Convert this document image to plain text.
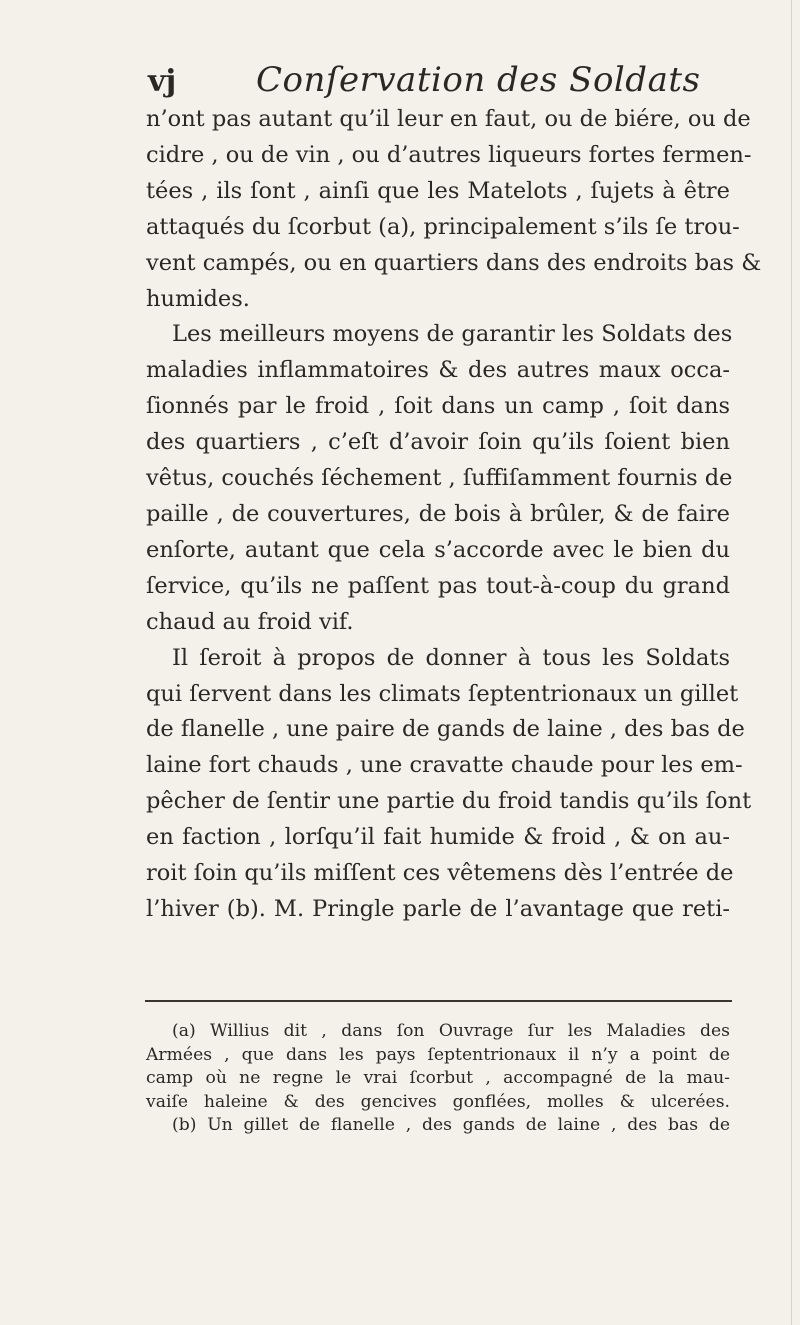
vj Conſervation des Soldats

n’ont pas autant qu’il leur en faut, ou de biére, ou de
cidre , ou de vin , ou d’autres liqueurs fortes fermen-
tées , ils ſont , ainſi que les Matelots , ſujets à être
attaqués du ſcorbut (a), principalement s’ils ſe trou-
vent campés, ou en quartiers dans des endroits bas &
humides.

Les meilleurs moyens de garantir les Soldats des
maladies inflammatoires & des autres maux occa-
ſionnés par le froid , ſoit dans un camp , ſoit dans
des quartiers , c’eſt d’avoir ſoin qu’ils ſoient bien
vêtus, couchés ſéchement , ſuffiſamment fournis de
paille , de couvertures, de bois à brûler, & de faire
enſorte, autant que cela s’accorde avec le bien du
ſervice, qu’ils ne paſſent pas tout-à-coup du grand
chaud au froid vif.

Il ſeroit à propos de donner à tous les Soldats
qui ſervent dans les climats ſeptentrionaux un gillet
de flanelle , une paire de gands de laine , des bas de
laine fort chauds , une cravatte chaude pour les em-
pêcher de ſentir une partie du froid tandis qu’ils ſont
en faction , lorſqu’il fait humide & froid , & on au-
roit ſoin qu’ils miſſent ces vêtemens dès l’entrée de
l’hiver (b). M. Pringle parle de l’avantage que reti-

(a) Willius dit , dans ſon Ouvrage ſur les Maladies des
Armées , que dans les pays ſeptentrionaux il n’y a point de
camp où ne regne le vrai ſcorbut , accompagné de la mau-
vaiſe haleine & des gencives gonflées, molles & ulcerées.
(b) Un gillet de flanelle , des gands de laine , des bas de
